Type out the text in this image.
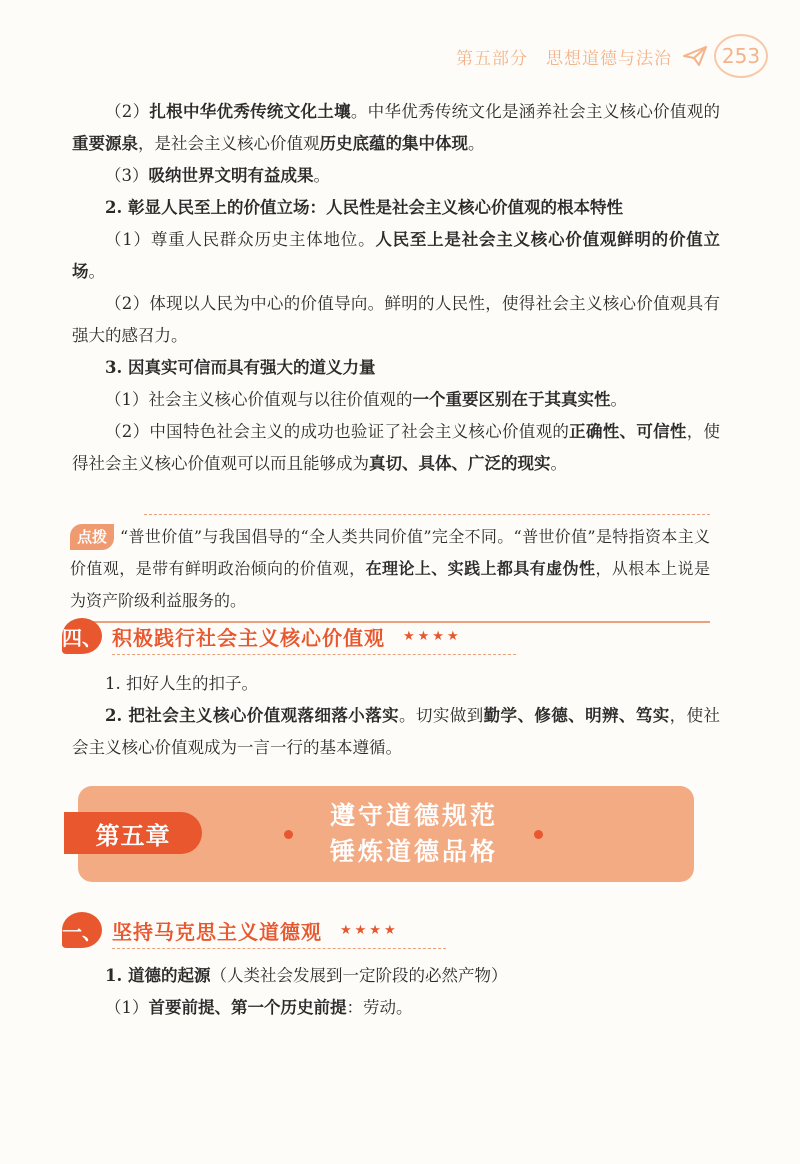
第五部分 思想道德与法治 253

（2）扎根中华优秀传统文化土壤。中华优秀传统文化是涵养社会主义核心价值观的重要源泉，是社会主义核心价值观历史底蕴的集中体现。

（3）吸纳世界文明有益成果。

2. 彰显人民至上的价值立场：人民性是社会主义核心价值观的根本特性

（1）尊重人民群众历史主体地位。人民至上是社会主义核心价值观鲜明的价值立场。

（2）体现以人民为中心的价值导向。鲜明的人民性，使得社会主义核心价值观具有强大的感召力。

3. 因真实可信而具有强大的道义力量

（1）社会主义核心价值观与以往价值观的一个重要区别在于其真实性。

（2）中国特色社会主义的成功也验证了社会主义核心价值观的正确性、可信性，使得社会主义核心价值观可以而且能够成为真切、具体、广泛的现实。

点拨 “普世价值”与我国倡导的“全人类共同价值”完全不同。“普世价值”是特指资本主义价值观，是带有鲜明政治倾向的价值观，在理论上、实践上都具有虚伪性，从根本上说是为资产阶级利益服务的。

四、 积极践行社会主义核心价值观 ★★★★

1. 扣好人生的扣子。

2. 把社会主义核心价值观落细落小落实。切实做到勤学、修德、明辨、笃实，使社会主义核心价值观成为一言一行的基本遵循。

第五章
遵守道德规范
锤炼道德品格
一、 坚持马克思主义道德观 ★★★★

1. 道德的起源（人类社会发展到一定阶段的必然产物）

（1）首要前提、第一个历史前提：劳动。
